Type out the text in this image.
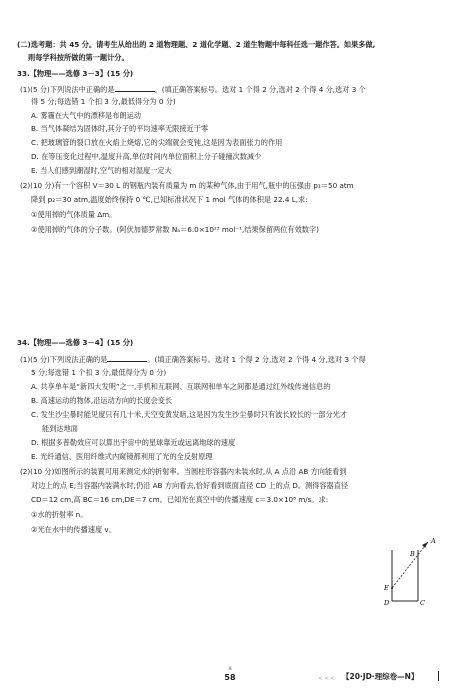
(二)选考题：共 45 分。请考生从给出的 2 道物理题、2 道化学题、2 道生物题中每科任选一题作答。如果多做,
则每学科按所做的第一题计分。
33.【物理——选修 3－3】(15 分)
(1)(5 分)下列说法中正确的是	。(填正确答案标号。选对 1 个得 2 分,选对 2 个得 4 分,选对 3 个
得 5 分;每选错 1 个扣 3 分,最低得分为 0 分)
A. 雾霾在大气中的漂移是布朗运动
B. 当气体凝结为固体时,其分子的平均速率无限接近于零
C. 把玻璃管的裂口放在火焰上烧熔,它的尖端就会变钝,这是因为表面张力的作用
D. 在等压变化过程中,温度升高,单位时间内单位面积上分子碰撞次数减少
E. 当人们感到潮湿时,空气的相对湿度一定大
(2)(10 分)有一个容积 V＝30 L 的钢瓶内装有质量为 m 的某种气体,由于用气,瓶中的压强由 p₁＝50 atm
降到 p₂＝30 atm,温度始终保持 0 ℃,已知标准状况下 1 mol 气体的体积是 22.4 L,求:
①使用掉的气体质量 Δm。
②使用掉的气体的分子数。(阿伏加德罗常数 Nₐ＝6.0×10²³ mol⁻¹,结果保留两位有效数字)
34.【物理——选修 3－4】(15 分)
(1)(5 分)下列说法正确的是	。(填正确答案标号。选对 1 个得 2 分,选对 2 个得 4 分,选对 3 个得
5 分;每选错 1 个扣 3 分,最低得分为 0 分)
A. 共享单车是“新四大发明”之一,手机和互联网、互联网和单车之间都是通过红外线传递信息的
B. 高速运动的物体,沿运动方向的长度会变长
C. 发生沙尘暴时能见度只有几十米,天空变黄发暗,这是因为发生沙尘暴时只有波长较长的一部分光才
能到达地面
D. 根据多普勒效应可以算出宇宙中的星球靠近或远离地球的速度
E. 光纤通信、医用纤维式内窥镜都利用了光的全反射原理
(2)(10 分)如图所示的装置可用来测定水的折射率。当圆柱形容器内未装水时,从 A 点沿 AB 方向能看到
对边上的点 E;当容器内装满水时,仍沿 AB 方向看去,恰好看到底面直径 CD 上的点 D。测得容器直径
CD＝12 cm,高 BC＝16 cm,DE＝7 cm。已知光在真空中的传播速度 c＝3.0×10⁸ m/s。求:
①水的折射率 n。
②光在水中的传播速度 v。
A
B
E
D	C
※
58	<<< 【20·JD·理综卷—N】
